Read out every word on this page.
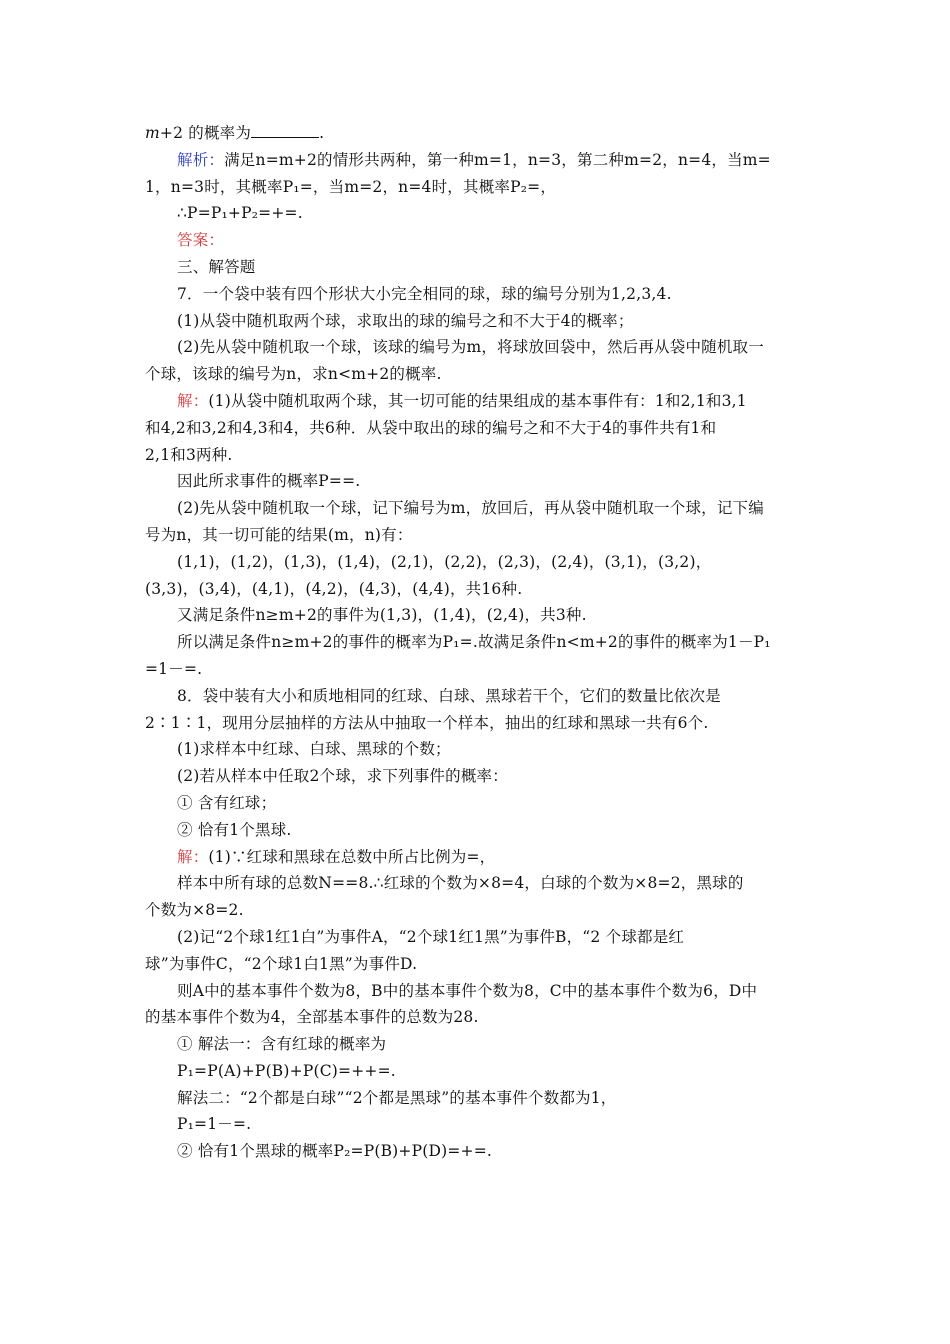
m+2 的概率为	.
解析：满足n=m+2的情形共两种，第一种m=1，n=3，第二种m=2，n=4，当m=
1，n=3时，其概率P₁=，当m=2，n=4时，其概率P₂=，
∴P=P₁+P₂=+=.
答案：
三、解答题
7．一个袋中装有四个形状大小完全相同的球，球的编号分别为1,2,3,4.
(1)从袋中随机取两个球，求取出的球的编号之和不大于4的概率；
(2)先从袋中随机取一个球，该球的编号为m，将球放回袋中，然后再从袋中随机取一
个球，该球的编号为n，求n<m+2的概率.
解：(1)从袋中随机取两个球，其一切可能的结果组成的基本事件有：1和2,1和3,1
和4,2和3,2和4,3和4，共6种．从袋中取出的球的编号之和不大于4的事件共有1和
2,1和3两种.
因此所求事件的概率P==.
(2)先从袋中随机取一个球，记下编号为m，放回后，再从袋中随机取一个球，记下编
号为n，其一切可能的结果(m，n)有：
(1,1)，(1,2)，(1,3)，(1,4)，(2,1)，(2,2)，(2,3)，(2,4)，(3,1)，(3,2)，
(3,3)，(3,4)，(4,1)，(4,2)，(4,3)，(4,4)，共16种.
又满足条件n≥m+2的事件为(1,3)，(1,4)，(2,4)，共3种.
所以满足条件n≥m+2的事件的概率为P₁=.故满足条件n<m+2的事件的概率为1－P₁
=1－=.
8．袋中装有大小和质地相同的红球、白球、黑球若干个，它们的数量比依次是
2∶1∶1，现用分层抽样的方法从中抽取一个样本，抽出的红球和黑球一共有6个.
(1)求样本中红球、白球、黑球的个数；
(2)若从样本中任取2个球，求下列事件的概率：
① 含有红球；
② 恰有1个黑球.
解：(1)∵红球和黑球在总数中所占比例为=，
样本中所有球的总数N==8.∴红球的个数为×8=4，白球的个数为×8=2，黑球的
个数为×8=2.
(2)记“2个球1红1白”为事件A，“2个球1红1黑”为事件B，“2 个球都是红
球”为事件C，“2个球1白1黑”为事件D.
则A中的基本事件个数为8，B中的基本事件个数为8，C中的基本事件个数为6，D中
的基本事件个数为4，全部基本事件的总数为28.
① 解法一：含有红球的概率为
P₁=P(A)+P(B)+P(C)=++=.
解法二：“2个都是白球”“2个都是黑球”的基本事件个数都为1，
P₁=1－=.
② 恰有1个黑球的概率P₂=P(B)+P(D)=+=.
